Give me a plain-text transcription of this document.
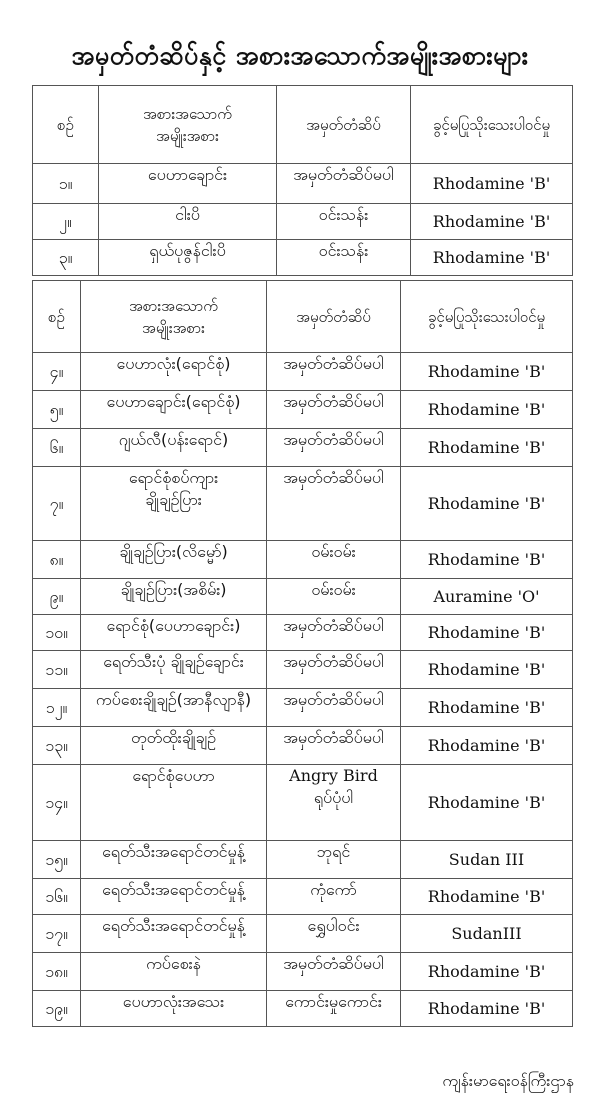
အမှတ်တံဆိပ်နှင့် အစားအသောက်အမျိုးအစားများ
စဉ်	အစားအသောက်
အမျိုးအစား	အမှတ်တံဆိပ်	ခွင့်မပြုသိုးသေးပါဝင်မှု
၁။	ပေဟာချောင်း	အမှတ်တံဆိပ်မပါ	Rhodamine 'B'
၂။	ငါးပိ	ဝင်းသန်း	Rhodamine 'B'
၃။	ရှယ်ပုဇွန်ငါးပိ	ဝင်းသန်း	Rhodamine 'B'
စဉ်	အစားအသောက်
အမျိုးအစား	အမှတ်တံဆိပ်	ခွင့်မပြုသိုးသေးပါဝင်မှု
၄။	ပေဟာလုံး(ရောင်စုံ)	အမှတ်တံဆိပ်မပါ	Rhodamine 'B'
၅။	ပေဟာချောင်း(ရောင်စုံ)	အမှတ်တံဆိပ်မပါ	Rhodamine 'B'
၆။	ဂျယ်လီ(ပန်းရောင်)	အမှတ်တံဆိပ်မပါ	Rhodamine 'B'
၇။	ရောင်စုံစပ်ကျား
ချိုချဉ်ပြား	အမှတ်တံဆိပ်မပါ	Rhodamine 'B'
၈။	ချိုချဉ်ပြား(လိမ္မော်)	ဝမ်းဝမ်း	Rhodamine 'B'
၉။	ချိုချဉ်ပြား(အစိမ်း)	ဝမ်းဝမ်း	Auramine 'O'
၁၀။	ရောင်စုံ(ပေဟာချောင်း)	အမှတ်တံဆိပ်မပါ	Rhodamine 'B'
၁၁။	ရေတ်သီးပုံ ချိုချဉ်ချောင်း	အမှတ်တံဆိပ်မပါ	Rhodamine 'B'
၁၂။	ကပ်စေးချိုချဉ်(အာနီလျာနီ)	အမှတ်တံဆိပ်မပါ	Rhodamine 'B'
၁၃။	တုတ်ထိုးချိုချဉ်	အမှတ်တံဆိပ်မပါ	Rhodamine 'B'
၁၄။	ရောင်စုံပေဟာ	Angry Bird
ရုပ်ပုံပါ	Rhodamine 'B'
၁၅။	ရေတ်သီးအရောင်တင်မှုန့်	ဘုရင်	Sudan III
၁၆။	ရေတ်သီးအရောင်တင်မှုန့်	ကုံကော်	Rhodamine 'B'
၁၇။	ရေတ်သီးအရောင်တင်မှုန့်	ရွှေပါဝင်း	SudanIII
၁၈။	ကပ်စေးနဲ	အမှတ်တံဆိပ်မပါ	Rhodamine 'B'
၁၉။	ပေဟာလုံးအသေး	ကောင်းမှုကောင်း	Rhodamine 'B'
ကျန်းမာရေးဝန်ကြီးဌာန
